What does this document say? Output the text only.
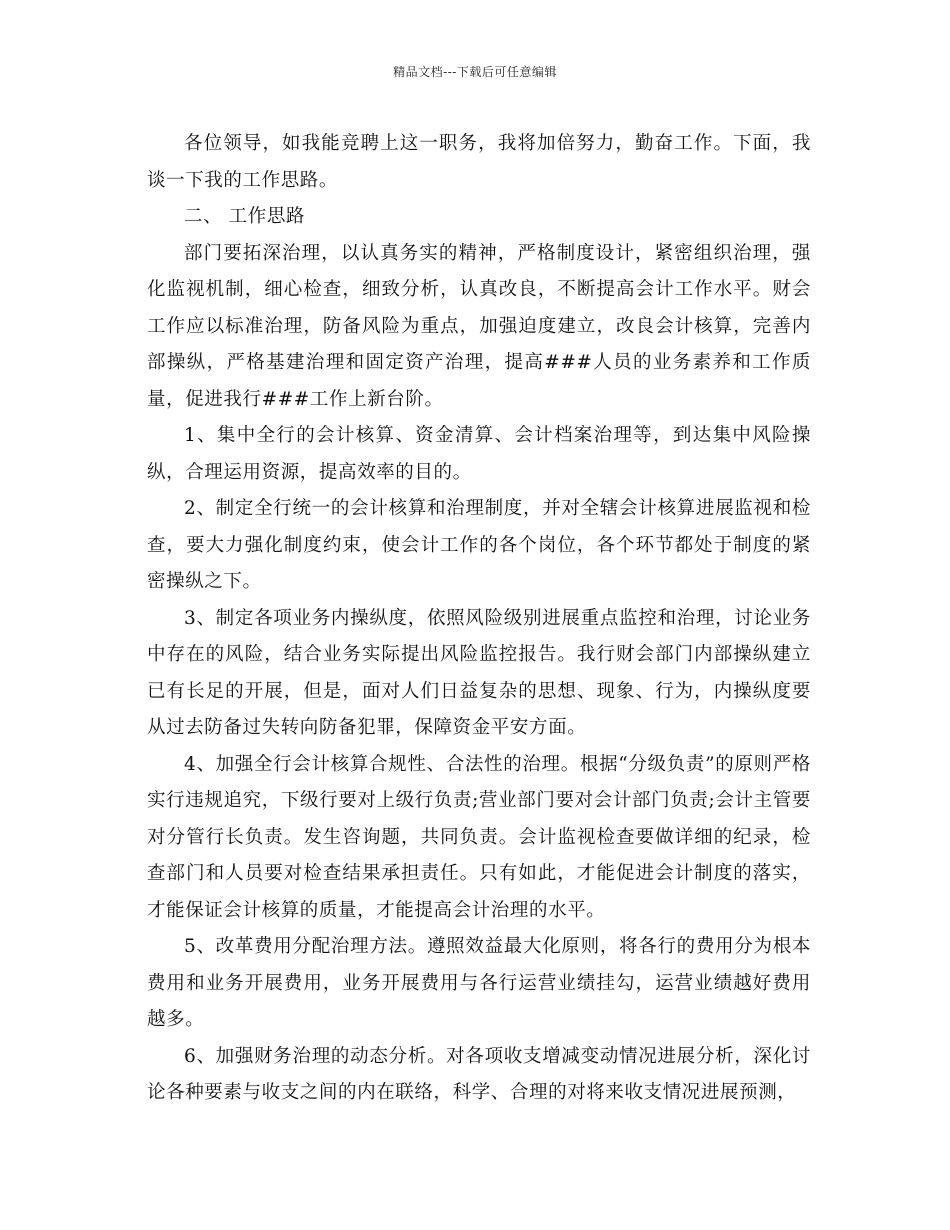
精品文档---下载后可任意编辑

各位领导，如我能竞聘上这一职务，我将加倍努力，勤奋工作。下面，我谈一下我的工作思路。

二、 工作思路

部门要拓深治理，以认真务实的精神，严格制度设计，紧密组织治理，强化监视机制，细心检查，细致分析，认真改良，不断提高会计工作水平。财会工作应以标准治理，防备风险为重点，加强迫度建立，改良会计核算，完善内部操纵，严格基建治理和固定资产治理，提高###人员的业务素养和工作质量，促进我行###工作上新台阶。

1、集中全行的会计核算、资金清算、会计档案治理等，到达集中风险操纵，合理运用资源，提高效率的目的。

2、制定全行统一的会计核算和治理制度，并对全辖会计核算进展监视和检查，要大力强化制度约束，使会计工作的各个岗位，各个环节都处于制度的紧密操纵之下。

3、制定各项业务内操纵度，依照风险级别进展重点监控和治理，讨论业务中存在的风险，结合业务实际提出风险监控报告。我行财会部门内部操纵建立已有长足的开展，但是，面对人们日益复杂的思想、现象、行为，内操纵度要从过去防备过失转向防备犯罪，保障资金平安方面。

4、加强全行会计核算合规性、合法性的治理。根据“分级负责”的原则严格实行违规追究，下级行要对上级行负责;营业部门要对会计部门负责;会计主管要对分管行长负责。发生咨询题，共同负责。会计监视检查要做详细的纪录，检查部门和人员要对检查结果承担责任。只有如此，才能促进会计制度的落实，才能保证会计核算的质量，才能提高会计治理的水平。

5、改革费用分配治理方法。遵照效益最大化原则，将各行的费用分为根本费用和业务开展费用，业务开展费用与各行运营业绩挂勾，运营业绩越好费用越多。

6、加强财务治理的动态分析。对各项收支增减变动情况进展分析，深化讨论各种要素与收支之间的内在联络，科学、合理的对将来收支情况进展预测，
